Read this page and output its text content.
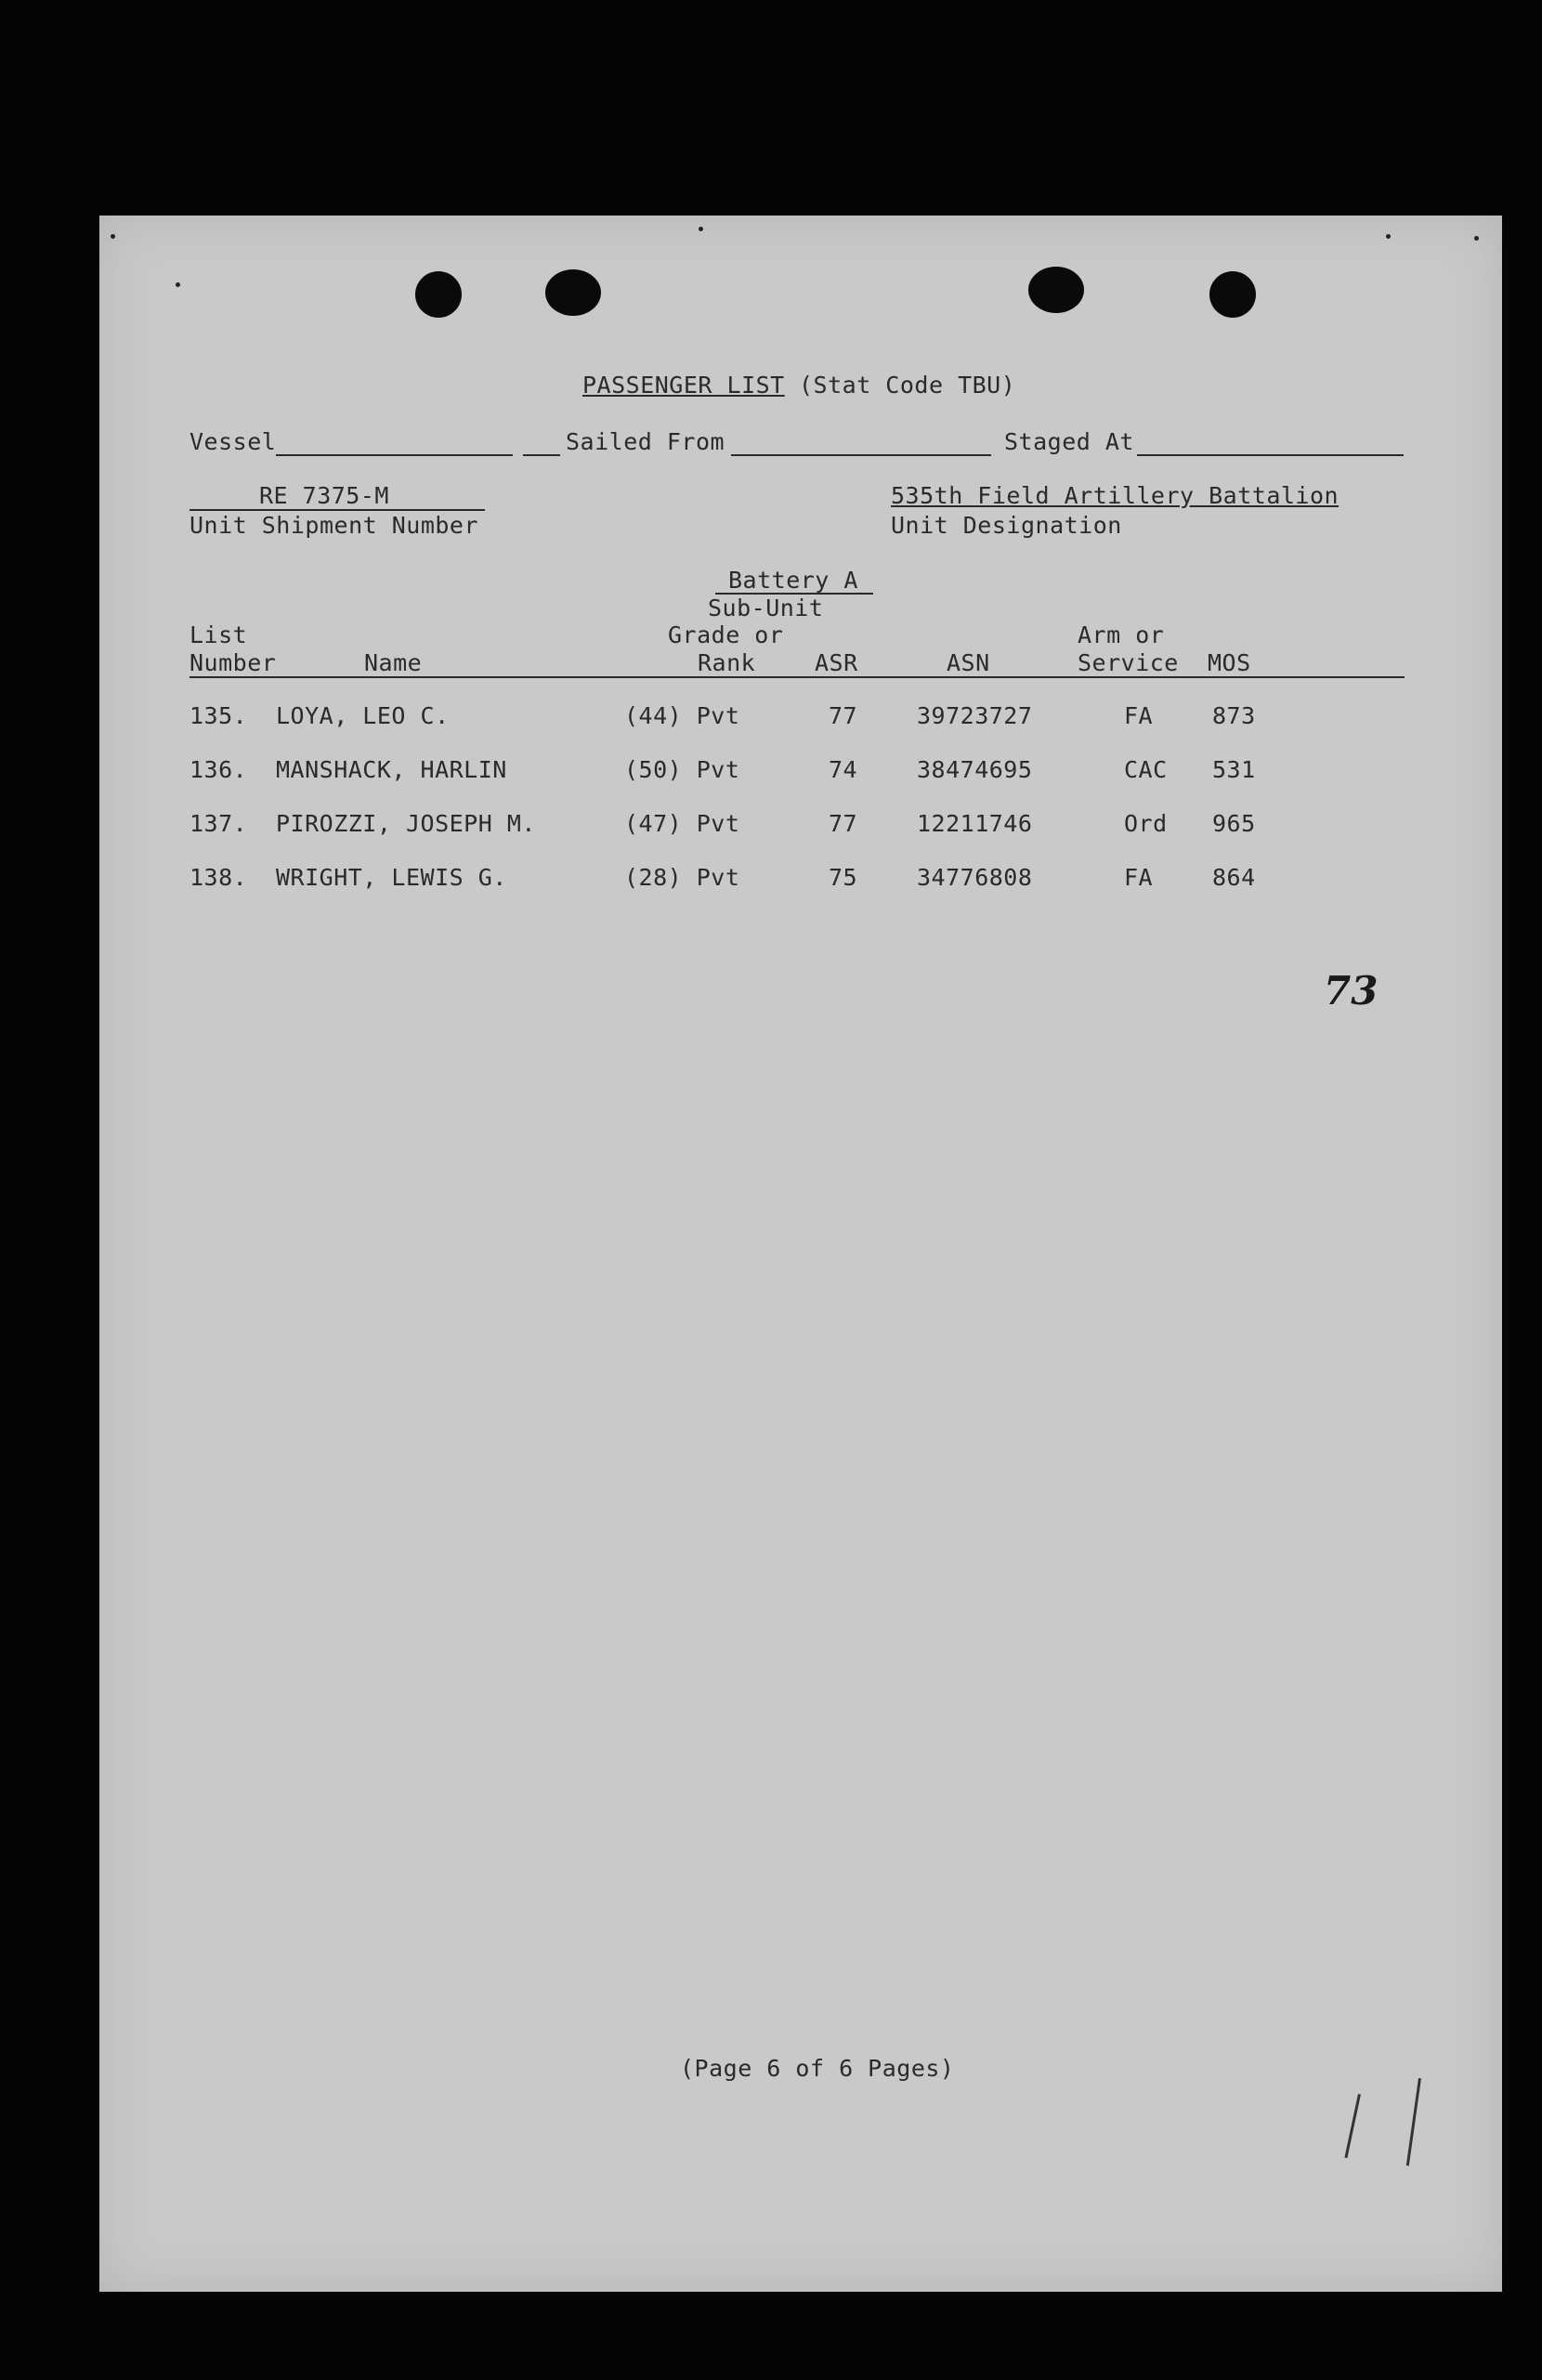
PASSENGER LIST (Stat Code TBU)
Vessel	Sailed From	Staged At
RE 7375-M
Unit Shipment Number
535th Field Artillery Battalion
Unit Designation
Battery A
Sub-Unit
List
Number	Name
Grade or
Rank	ASR	ASN
Arm or
Service MOS
135. LOYA, LEO C.	(44) Pvt	77	39723727	FA	873
136. MANSHACK, HARLIN	(50) Pvt	74	38474695	CAC 531
137. PIROZZI, JOSEPH M.	(47) Pvt	77	12211746	Ord 965
138. WRIGHT, LEWIS G.	(28) Pvt	75	34776808	FA	864
73
(Page 6 of 6 Pages)
